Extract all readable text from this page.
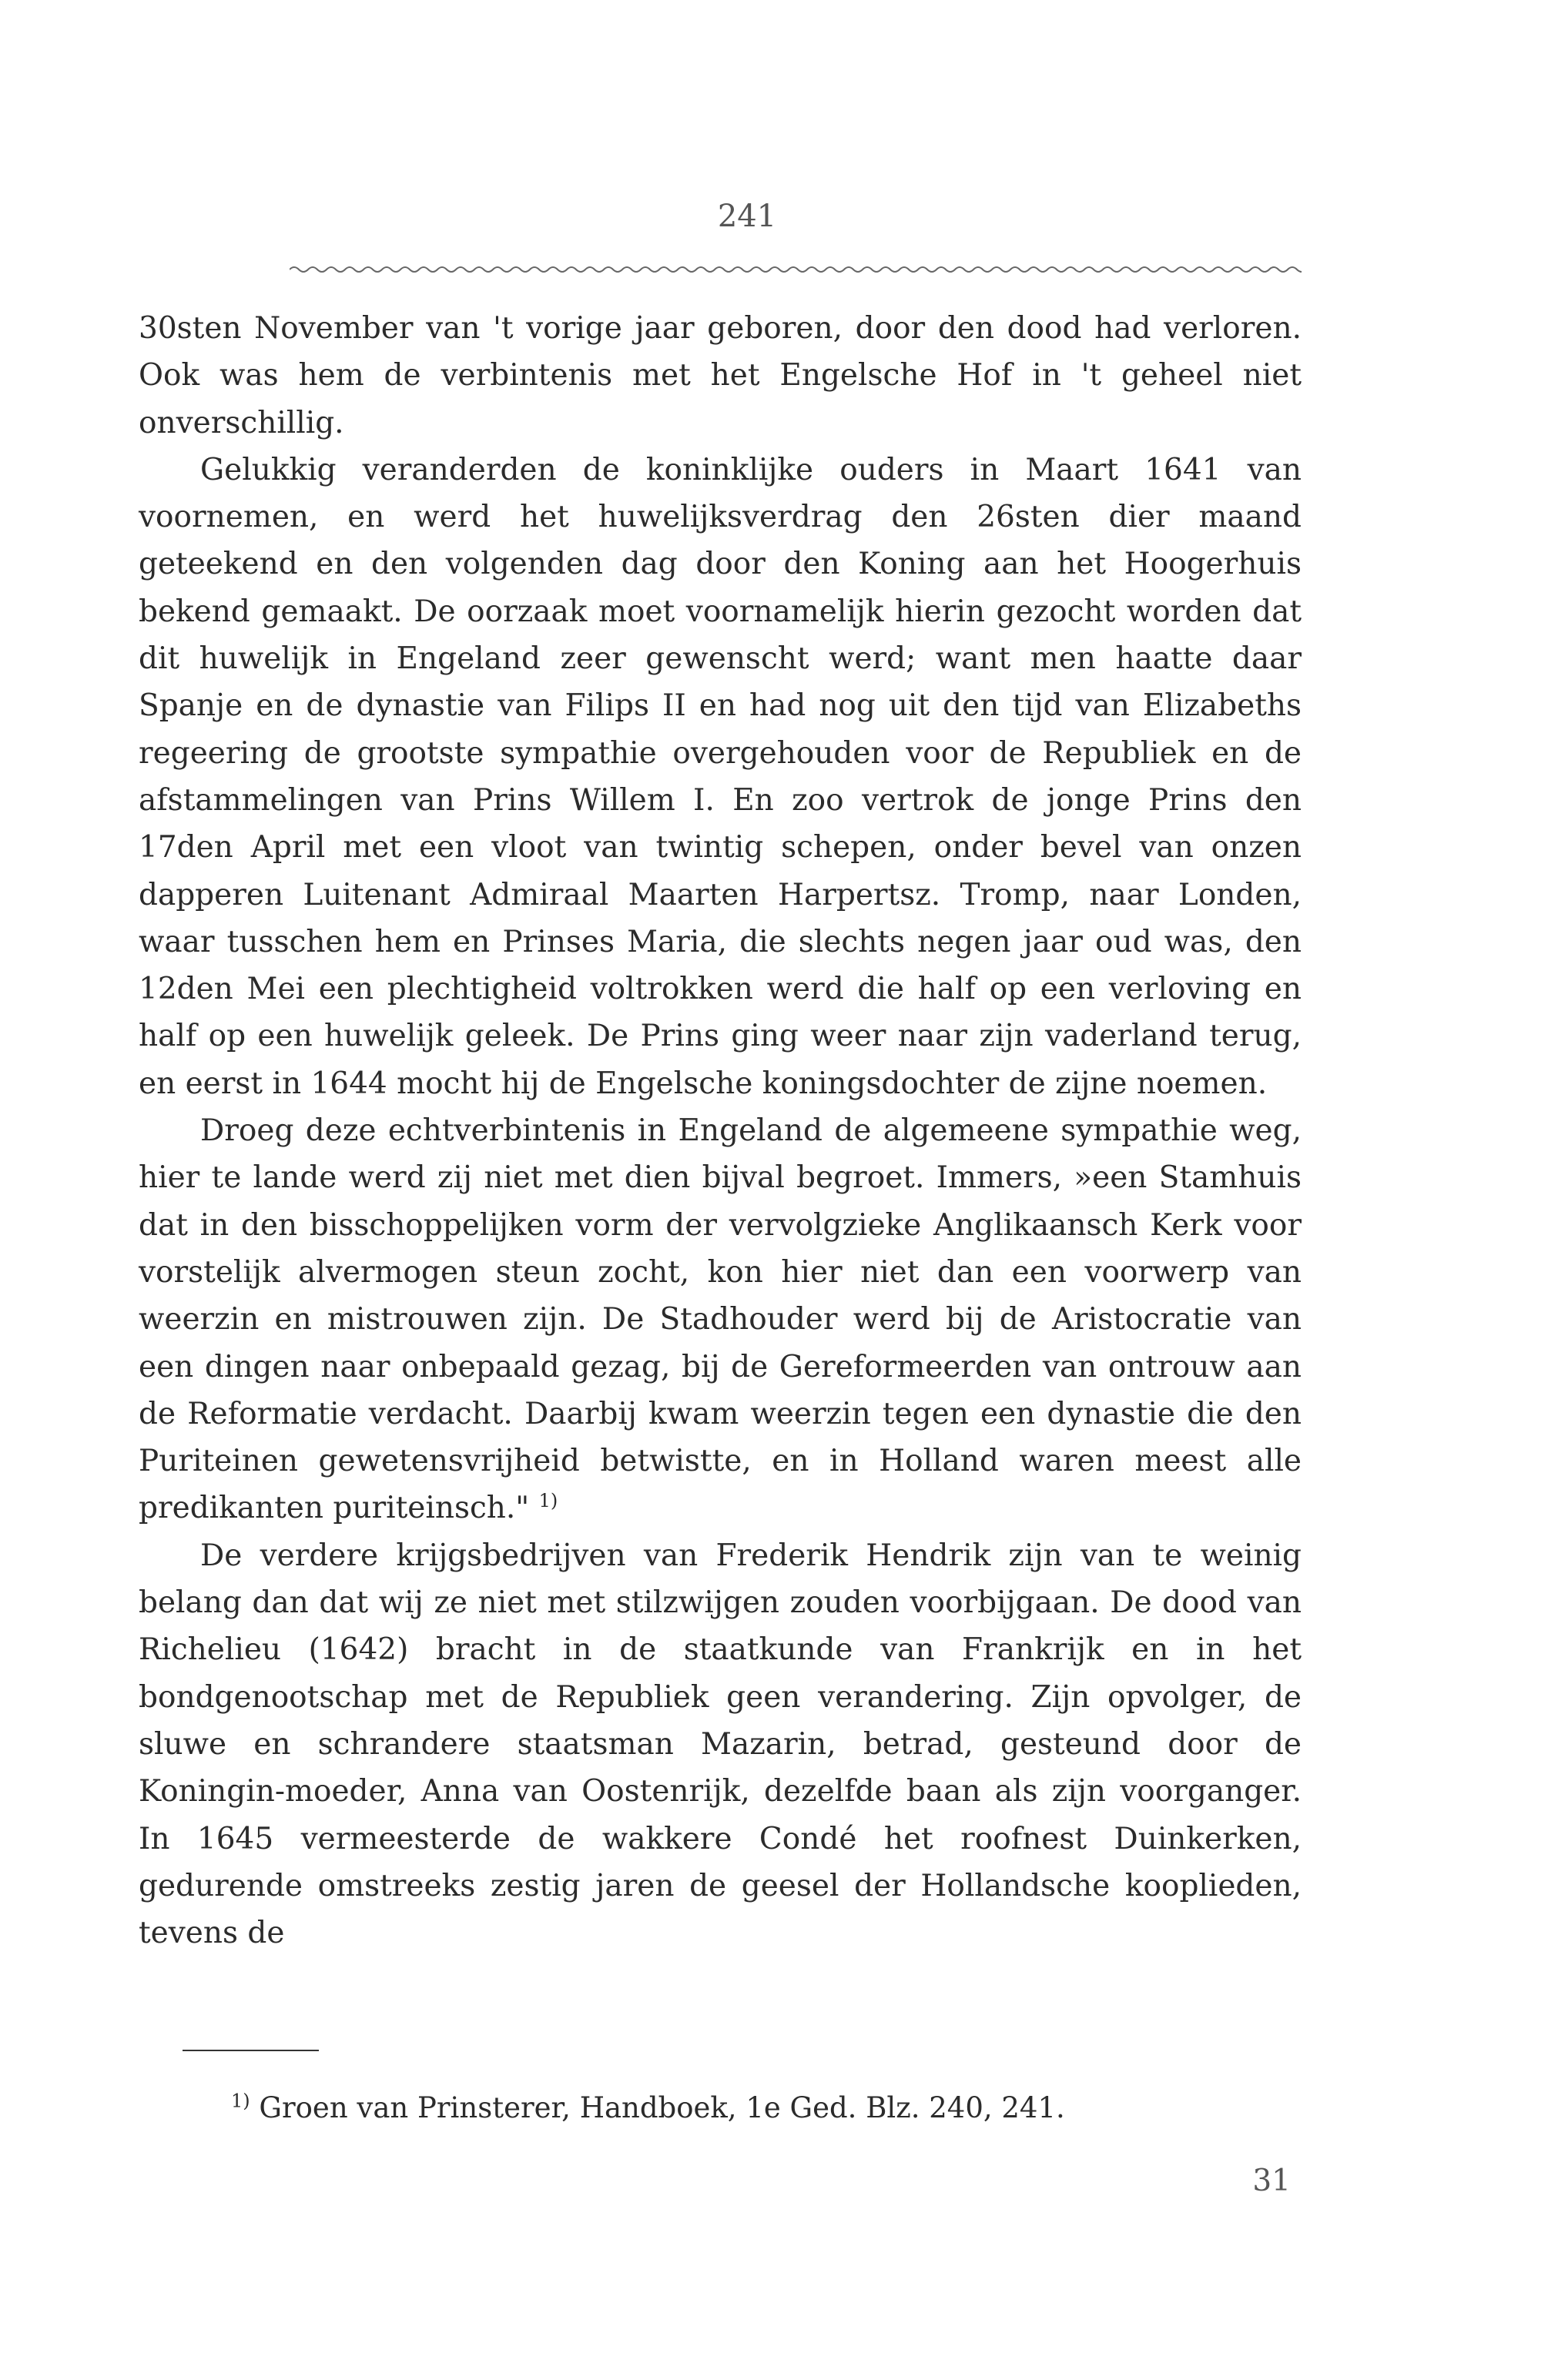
241

30sten November van 't vorige jaar geboren, door den dood had verloren. Ook was hem de verbintenis met het Engelsche Hof in 't geheel niet onverschillig.

Gelukkig veranderden de koninklijke ouders in Maart 1641 van voornemen, en werd het huwelijksverdrag den 26sten dier maand geteekend en den volgenden dag door den Koning aan het Hoogerhuis bekend gemaakt. De oorzaak moet voornamelijk hierin gezocht worden dat dit huwelijk in Engeland zeer gewenscht werd; want men haatte daar Spanje en de dynastie van Filips II en had nog uit den tijd van Elizabeths regeering de grootste sympathie overgehouden voor de Republiek en de afstammelingen van Prins Willem I. En zoo vertrok de jonge Prins den 17den April met een vloot van twintig schepen, onder bevel van onzen dapperen Luitenant Admiraal Maarten Harpertsz. Tromp, naar Londen, waar tusschen hem en Prinses Maria, die slechts negen jaar oud was, den 12den Mei een plechtigheid voltrokken werd die half op een verloving en half op een huwelijk geleek. De Prins ging weer naar zijn vaderland terug, en eerst in 1644 mocht hij de Engelsche koningsdochter de zijne noemen.

Droeg deze echtverbintenis in Engeland de algemeene sympathie weg, hier te lande werd zij niet met dien bijval begroet. Immers, »een Stamhuis dat in den bisschoppelijken vorm der vervolgzieke Anglikaansch Kerk voor vorstelijk alvermogen steun zocht, kon hier niet dan een voorwerp van weerzin en mistrouwen zijn. De Stadhouder werd bij de Aristocratie van een dingen naar onbepaald gezag, bij de Gereformeerden van ontrouw aan de Reformatie verdacht. Daarbij kwam weerzin tegen een dynastie die den Puriteinen gewetensvrijheid betwistte, en in Holland waren meest alle predikanten puriteinsch." $^{1)}$

De verdere krijgsbedrijven van Frederik Hendrik zijn van te weinig belang dan dat wij ze niet met stilzwijgen zouden voorbijgaan. De dood van Richelieu (1642) bracht in de staatkunde van Frankrijk en in het bondgenootschap met de Republiek geen verandering. Zijn opvolger, de sluwe en schrandere staatsman Mazarin, betrad, gesteund door de Koningin-moeder, Anna van Oostenrijk, dezelfde baan als zijn voorganger. In 1645 vermeesterde de wakkere Condé het roofnest Duinkerken, gedurende omstreeks zestig jaren de geesel der Hollandsche kooplieden, tevens de

$^{1)}$ Groen van Prinsterer, Handboek, 1e Ged. Blz. 240, 241.
31
